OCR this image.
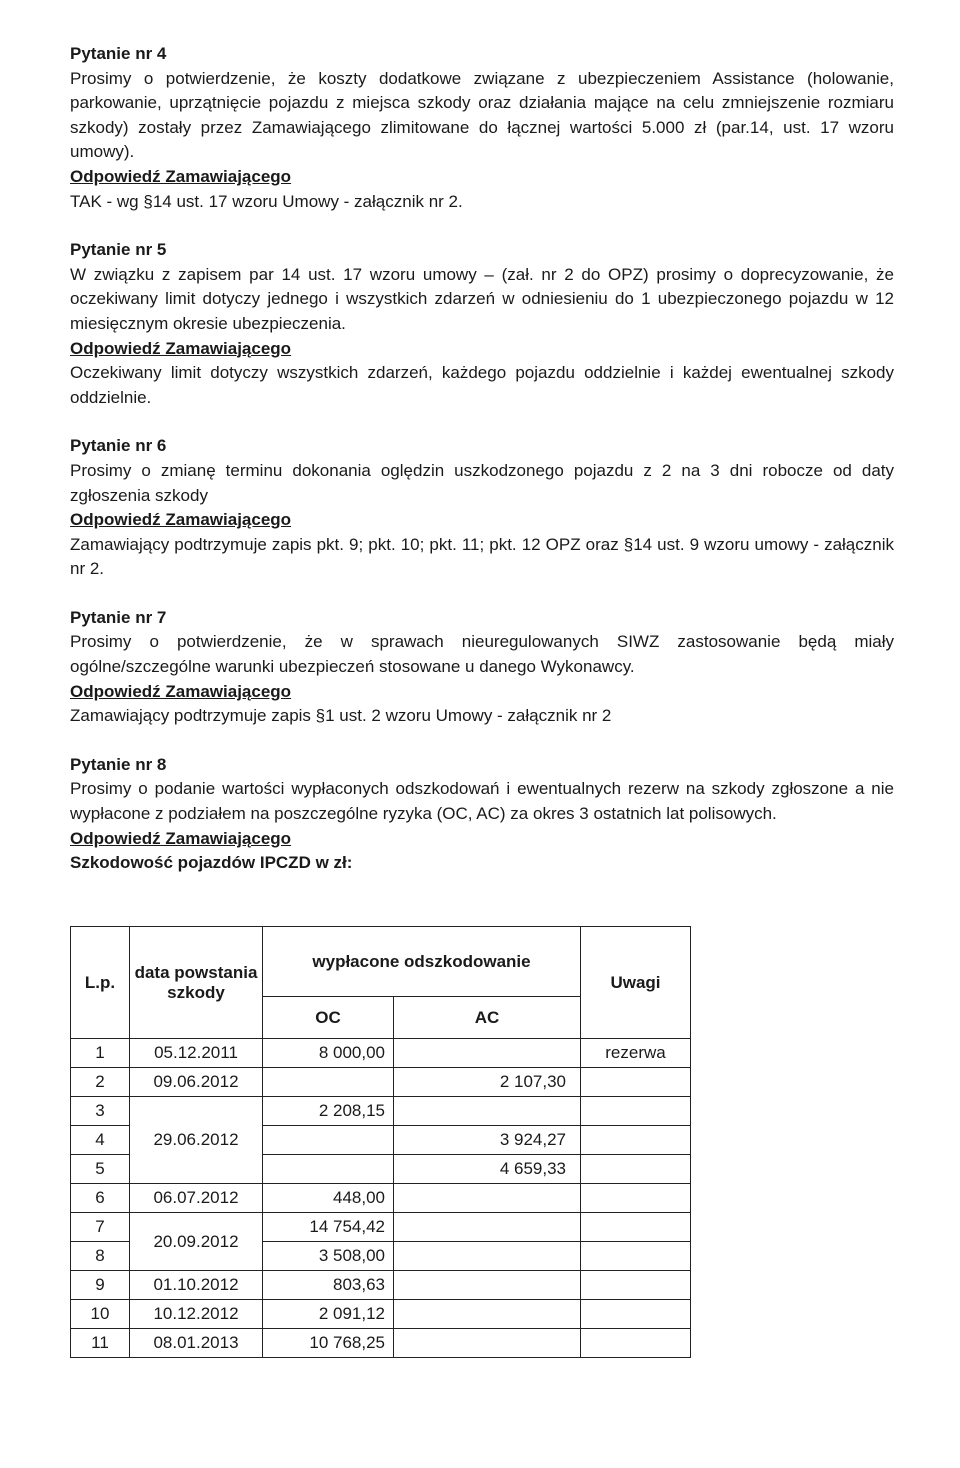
Pytanie nr 4
Prosimy o potwierdzenie, że koszty dodatkowe związane z ubezpieczeniem Assistance (holowanie, parkowanie, uprzątnięcie pojazdu z miejsca szkody oraz działania mające na celu zmniejszenie rozmiaru szkody) zostały przez Zamawiającego zlimitowane do łącznej wartości 5.000 zł (par.14, ust. 17 wzoru umowy).
Odpowiedź Zamawiającego
TAK - wg §14 ust. 17 wzoru Umowy - załącznik nr 2.
Pytanie nr 5
W związku z zapisem par 14 ust. 17 wzoru umowy – (zał. nr 2 do OPZ) prosimy o doprecyzowanie, że oczekiwany limit dotyczy jednego i wszystkich zdarzeń w odniesieniu do 1 ubezpieczonego pojazdu w 12 miesięcznym okresie ubezpieczenia.
Odpowiedź Zamawiającego
Oczekiwany limit dotyczy wszystkich zdarzeń, każdego pojazdu oddzielnie i każdej ewentualnej szkody oddzielnie.
Pytanie nr 6
Prosimy o zmianę terminu dokonania oględzin uszkodzonego pojazdu z 2 na 3 dni robocze od daty zgłoszenia szkody
Odpowiedź Zamawiającego
Zamawiający podtrzymuje zapis pkt. 9; pkt. 10; pkt. 11; pkt. 12 OPZ oraz §14 ust. 9 wzoru umowy - załącznik nr 2.
Pytanie nr 7
Prosimy o potwierdzenie, że w sprawach nieuregulowanych SIWZ zastosowanie będą miały ogólne/szczególne warunki ubezpieczeń stosowane u danego Wykonawcy.
Odpowiedź Zamawiającego
Zamawiający podtrzymuje zapis §1 ust. 2 wzoru Umowy - załącznik nr 2
Pytanie nr 8
Prosimy o podanie wartości wypłaconych odszkodowań i ewentualnych rezerw na szkody zgłoszone a nie wypłacone z podziałem na poszczególne ryzyka (OC, AC) za okres 3 ostatnich lat polisowych.
Odpowiedź Zamawiającego
Szkodowość pojazdów IPCZD w zł:
L.p.	data powstania szkody	wypłacone odszkodowanie		Uwagi
		OC	AC	
1	05.12.2011	8 000,00		rezerwa
2	09.06.2012		2 107,30	
3	29.06.2012	2 208,15		
4			3 924,27	
5			4 659,33	
6	06.07.2012	448,00		
7	20.09.2012	14 754,42		
8		3 508,00		
9	01.10.2012	803,63		
10	10.12.2012	2 091,12		
11	08.01.2013	10 768,25		
